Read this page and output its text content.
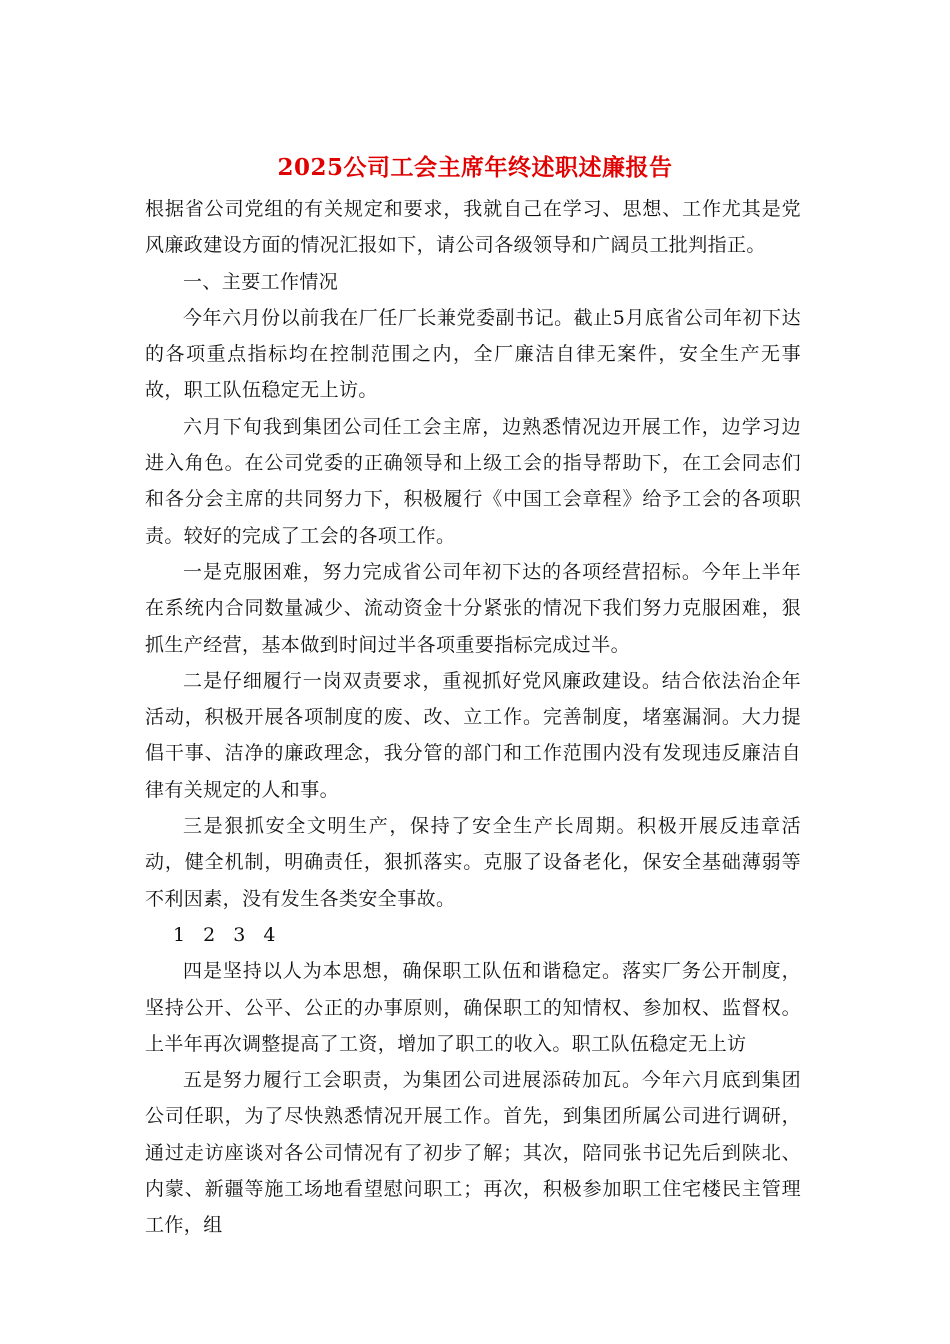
2025公司工会主席年终述职述廉报告

根据省公司党组的有关规定和要求，我就自己在学习、思想、工作尤其是党风廉政建设方面的情况汇报如下，请公司各级领导和广阔员工批判指正。

一、主要工作情况

今年六月份以前我在厂任厂长兼党委副书记。截止5月底省公司年初下达的各项重点指标均在控制范围之内，全厂廉洁自律无案件，安全生产无事故，职工队伍稳定无上访。

六月下旬我到集团公司任工会主席，边熟悉情况边开展工作，边学习边进入角色。在公司党委的正确领导和上级工会的指导帮助下，在工会同志们和各分会主席的共同努力下，积极履行《中国工会章程》给予工会的各项职责。较好的完成了工会的各项工作。

一是克服困难，努力完成省公司年初下达的各项经营招标。今年上半年在系统内合同数量减少、流动资金十分紧张的情况下我们努力克服困难，狠抓生产经营，基本做到时间过半各项重要指标完成过半。

二是仔细履行一岗双责要求，重视抓好党风廉政建设。结合依法治企年活动，积极开展各项制度的废、改、立工作。完善制度，堵塞漏洞。大力提倡干事、洁净的廉政理念，我分管的部门和工作范围内没有发现违反廉洁自律有关规定的人和事。

三是狠抓安全文明生产，保持了安全生产长周期。积极开展反违章活动，健全机制，明确责任，狠抓落实。克服了设备老化，保安全基础薄弱等不利因素，没有发生各类安全事故。

1 2 3 4

四是坚持以人为本思想，确保职工队伍和谐稳定。落实厂务公开制度，坚持公开、公平、公正的办事原则，确保职工的知情权、参加权、监督权。上半年再次调整提高了工资，增加了职工的收入。职工队伍稳定无上访

五是努力履行工会职责，为集团公司进展添砖加瓦。今年六月底到集团公司任职，为了尽快熟悉情况开展工作。首先，到集团所属公司进行调研，通过走访座谈对各公司情况有了初步了解；其次，陪同张书记先后到陕北、内蒙、新疆等施工场地看望慰问职工；再次，积极参加职工住宅楼民主管理工作，组
